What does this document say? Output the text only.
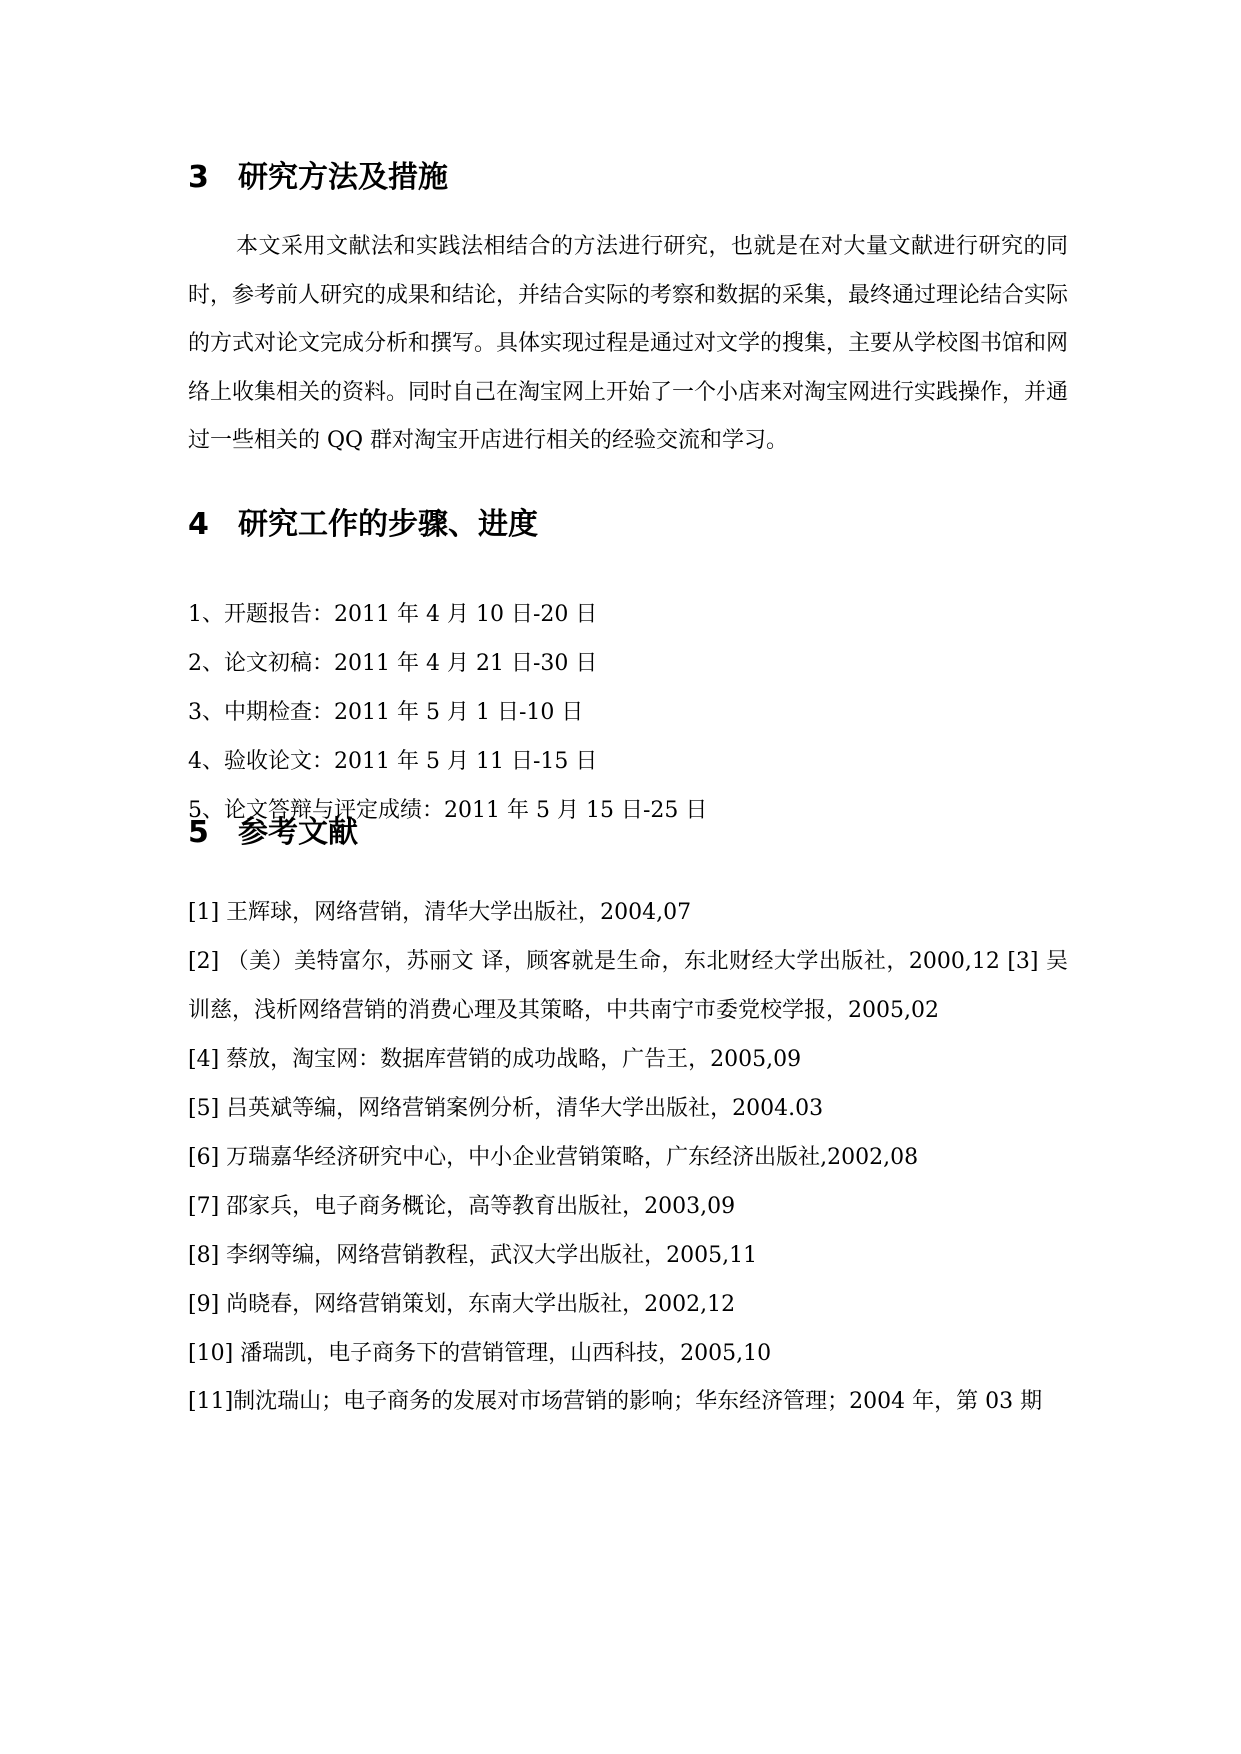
3 研究方法及措施

本文采用文献法和实践法相结合的方法进行研究，也就是在对大量文献进行研究的同时，参考前人研究的成果和结论，并结合实际的考察和数据的采集，最终通过理论结合实际的方式对论文完成分析和撰写。具体实现过程是通过对文学的搜集，主要从学校图书馆和网络上收集相关的资料。同时自己在淘宝网上开始了一个小店来对淘宝网进行实践操作，并通过一些相关的 QQ 群对淘宝开店进行相关的经验交流和学习。

4 研究工作的步骤、进度
1、开题报告：2011 年 4 月 10 日-20 日
2、论文初稿：2011 年 4 月 21 日-30 日
3、中期检查：2011 年 5 月 1 日-10 日
4、验收论文：2011 年 5 月 11 日-15 日
5、论文答辩与评定成绩：2011 年 5 月 15 日-25 日
5 参考文献
[1] 王辉球，网络营销，清华大学出版社，2004,07
[2] （美）美特富尔，苏丽文 译，顾客就是生命，东北财经大学出版社，2000,12 [3] 吴训慈，浅析网络营销的消费心理及其策略，中共南宁市委党校学报，2005,02
[4] 蔡放，淘宝网：数据库营销的成功战略，广告王，2005,09
[5] 吕英斌等编，网络营销案例分析，清华大学出版社，2004.03
[6] 万瑞嘉华经济研究中心，中小企业营销策略，广东经济出版社,2002,08
[7] 邵家兵，电子商务概论，高等教育出版社，2003,09
[8] 李纲等编，网络营销教程，武汉大学出版社，2005,11
[9] 尚晓春，网络营销策划，东南大学出版社，2002,12
[10] 潘瑞凯，电子商务下的营销管理，山西科技，2005,10
[11]制沈瑞山；电子商务的发展对市场营销的影响；华东经济管理；2004 年，第 03 期
